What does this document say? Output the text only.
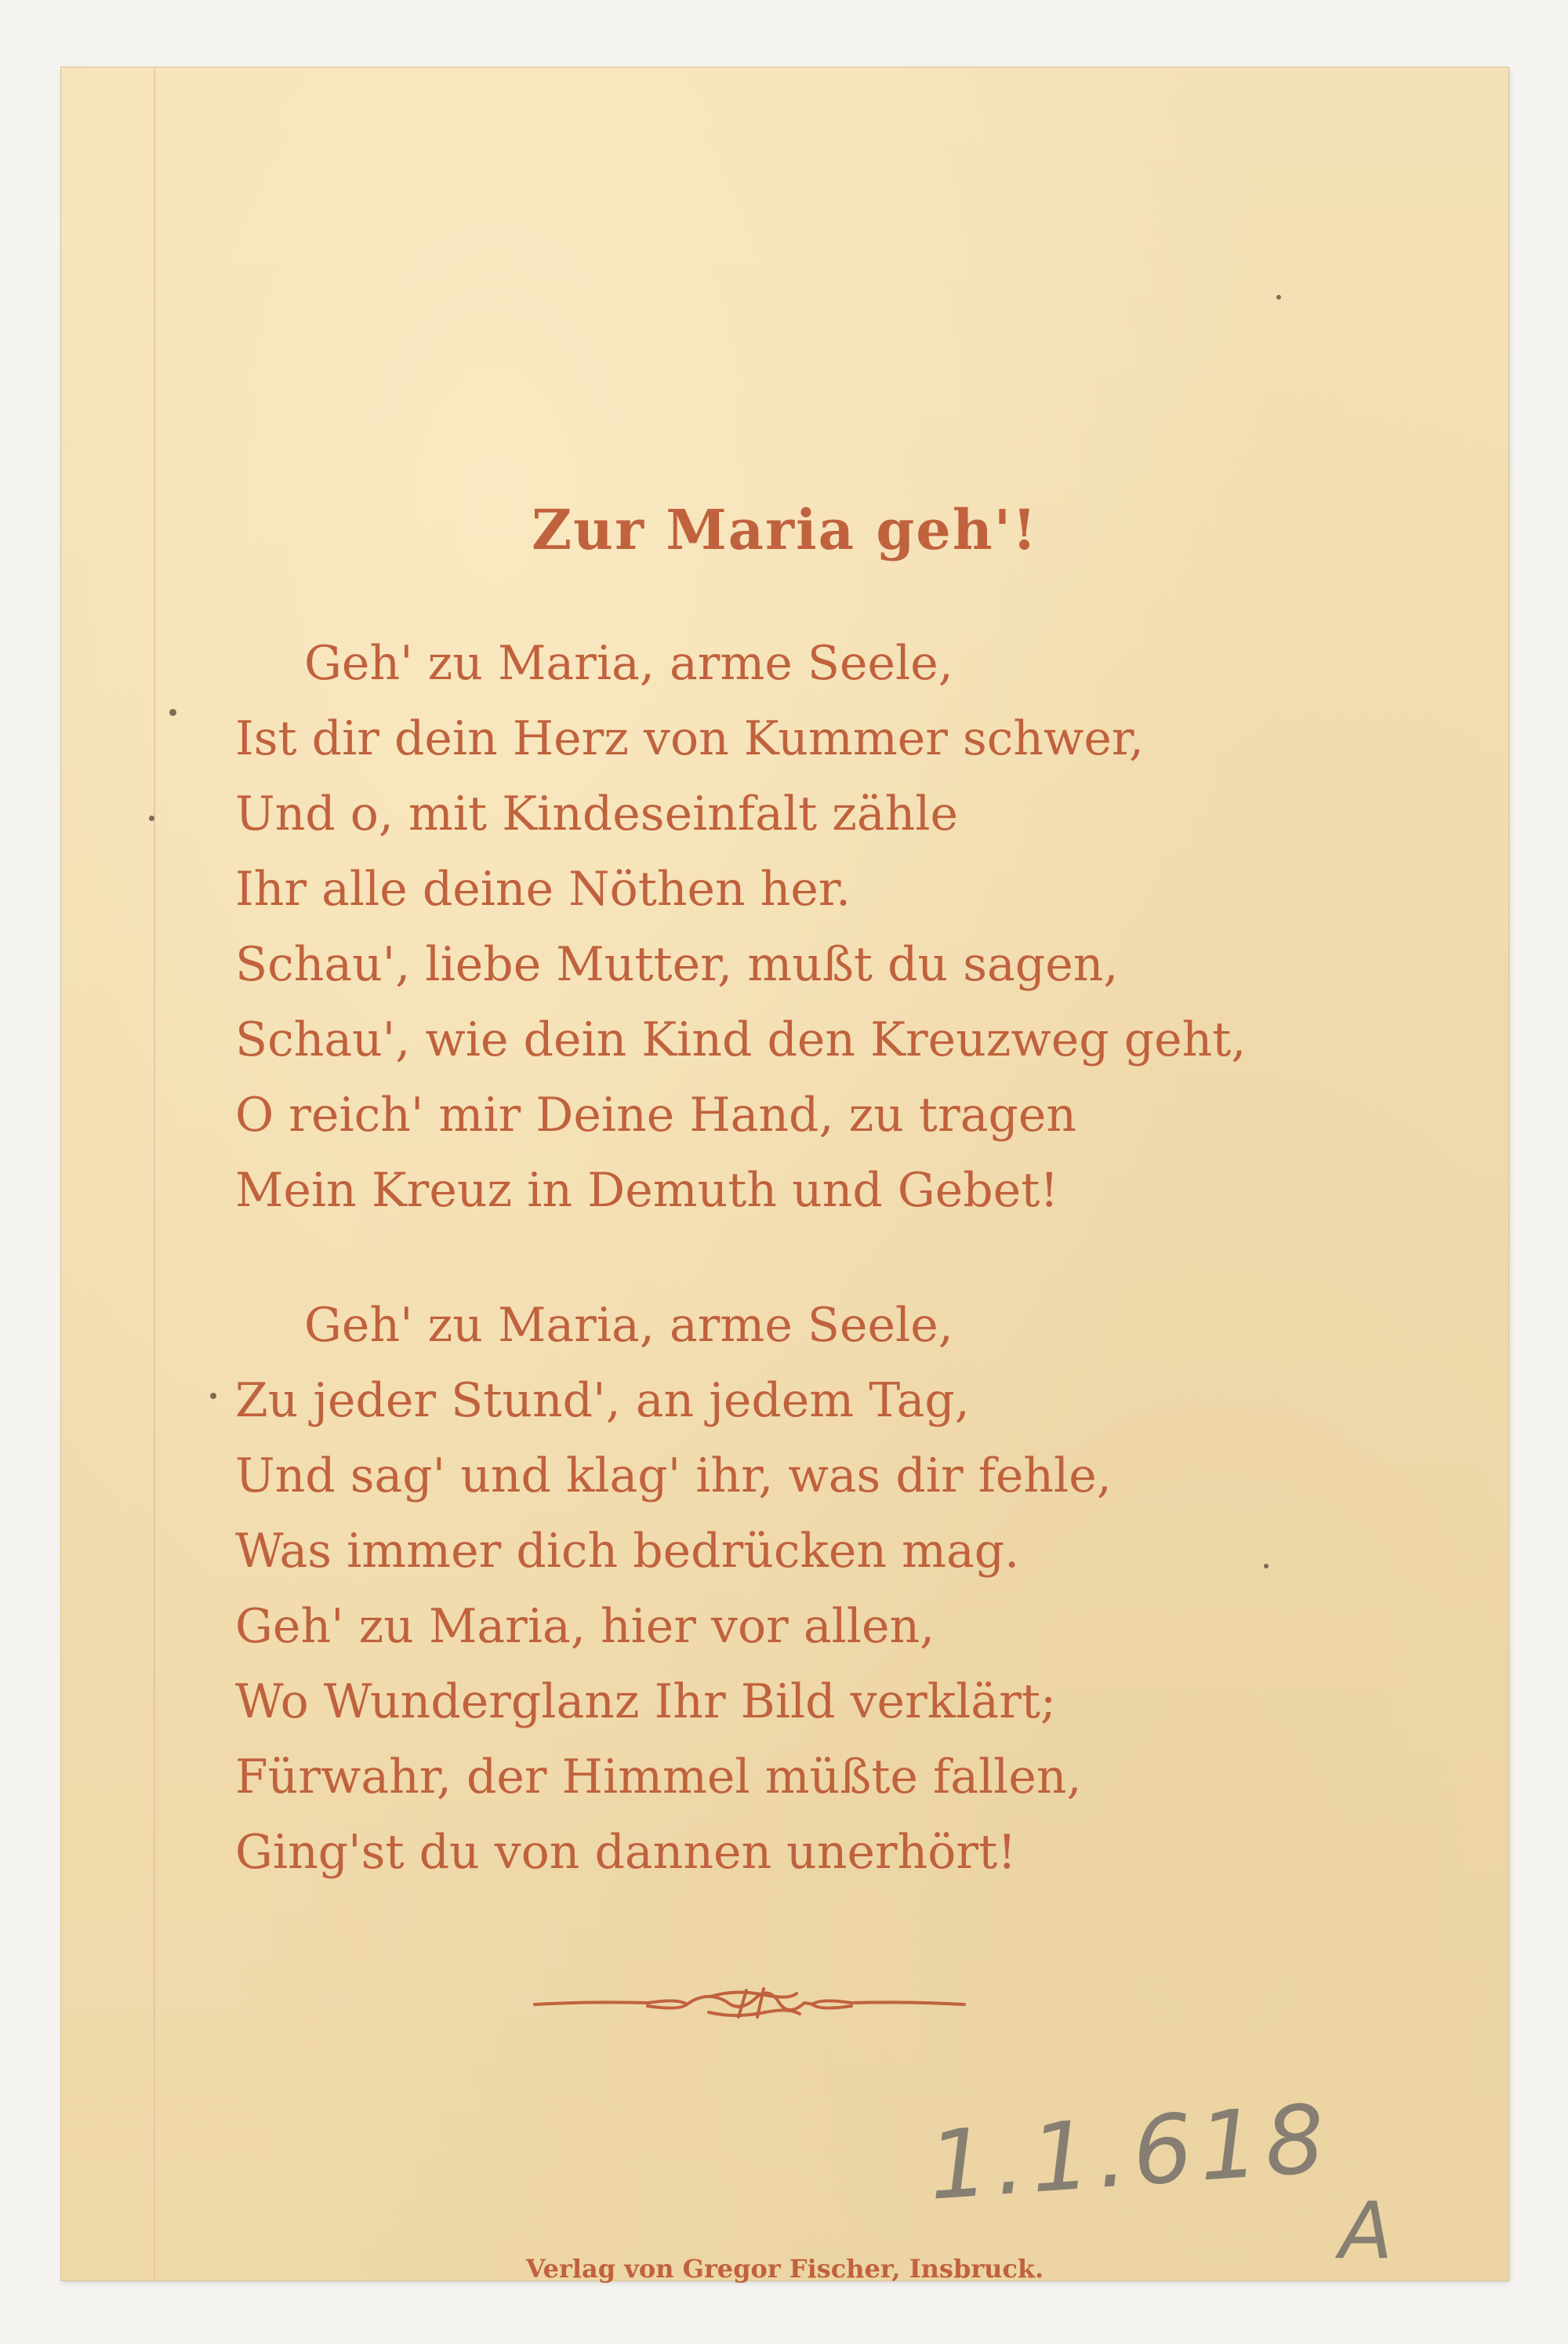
Zur Maria geh'!
Geh' zu Maria, arme Seele,
Ist dir dein Herz von Kummer schwer,
Und o, mit Kindeseinfalt zähle
Ihr alle deine Nöthen her.
Schau', liebe Mutter, mußt du sagen,
Schau', wie dein Kind den Kreuzweg geht,
O reich' mir Deine Hand, zu tragen
Mein Kreuz in Demuth und Gebet!
Geh' zu Maria, arme Seele,
Zu jeder Stund', an jedem Tag,
Und sag' und klag' ihr, was dir fehle,
Was immer dich bedrücken mag.
Geh' zu Maria, hier vor allen,
Wo Wunderglanz Ihr Bild verklärt;
Fürwahr, der Himmel müßte fallen,
Ging'st du von dannen unerhört!
1.1.618
A
Verlag von Gregor Fischer, Insbruck.
